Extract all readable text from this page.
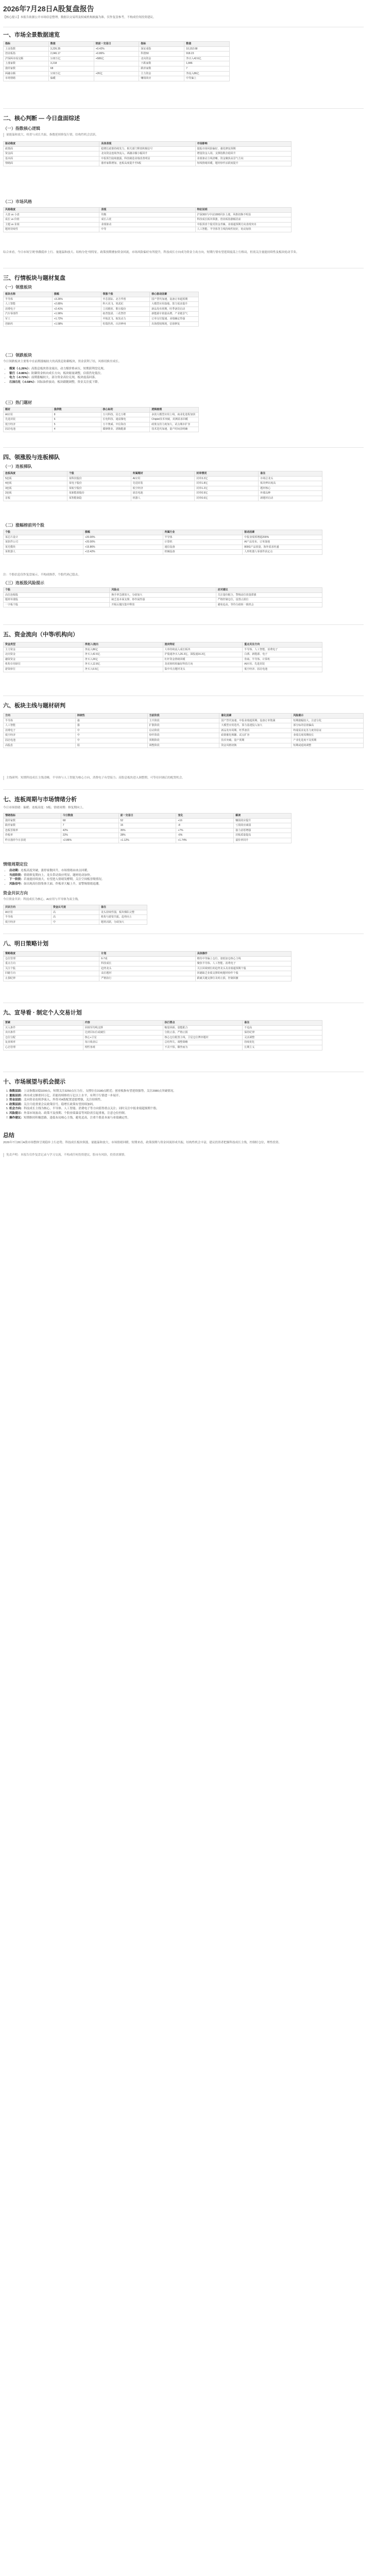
2026年7月28日A股复盘报告

【核心提示】本报告依据公开市场信息整理，数据以交易所及权威机构披露为准，仅作复盘参考，不构成任何投资建议。

一、市场全景数据速览
指标	数值	较前一交易日	指标	数值
上证指数	3,226.35	+0.42%	深证成指	10,152.68
创业板指	2,046.17	+0.86%	科创50	918.23
沪深两市成交额	1.02万亿	+586亿	北向资金	净买入42.6亿
上涨家数	3,218		下跌家数	1,846
涨停家数	68		跌停家数	7
两融余额	1.52万亿	+26亿	主力资金	净流入86亿
市场情绪	偏暖		赚钱效应	中等偏上
二、核心判断 — 今日盘面综述
（一）指数核心逻辑

量能温和放大，权重与成长共振，指数延续修复行情，结构性机会活跃。

驱动维度	具体表现	市场影响
政策面	稳增长政策持续发力，相关部门释放积极信号	提振市场风险偏好，强化修复预期
资金面	北向资金连续净流入，两融余额小幅回升	增量资金入场，支撑指数企稳回升
基本面	中报预告陆续披露，科技制造业绩改善明显	业绩驱动主线清晰，资金聚焦高景气方向
情绪面	涨停家数增加，连板高度提升至5板	短线情绪回暖，题材炒作活跃度提升
（二）市场风格
风格维度	表现	特征说明
大盘 vs 小盘	均衡	沪深300与中证1000同步上涨，风格切换不明显
成长 vs 价值	成长占优	科技成长板块领涨，创业板指涨幅居前
主题 vs 业绩	业绩驱动	中报预喜个股受资金青睐，业绩超预期方向表现突出
题材持续性	中等	人工智能、半导体等主线持续性较好，轮动加快

综合来看，今日市场呈现“指数稳步上行、量能温和放大、结构分化”的特征。政策预期叠加资金回流，市场风险偏好有所提升，科技成长方向成为资金主攻方向，短期行情有望延续震荡上行格局，但需关注量能持续性及板块轮动节奏。

三、行情板块与题材复盘
（一）领涨板块
板块名称	涨幅	领涨个股	核心驱动因素
半导体	+3.26%	中芯国际、北方华创	国产替代加速，设备订单超预期
人工智能	+2.85%	科大讯飞、寒武纪	大模型应用落地，算力需求提升
消费电子	+2.41%	立讯精密、歌尔股份	新品发布预期，旺季备货启动
汽车零部件	+1.96%	拓普集团、三花智控	新能源车销量高增，产业链景气
军工	+1.72%	中航沈飞、航发动力	订单交付提速，业绩确定性强
创新药	+1.58%	恒瑞医药、百济神州	出海授权频现，估值修复
（二）领跌板块

今日领跌板块主要集中在前期涨幅较大的高股息防御板块，资金获利了结，风格切换至成长。

• 煤炭（-1.26%）：高股息板块资金流出，动力煤价格承压，短期获利盘兑现。
• 银行（-0.86%）：防御资金转向成长方向，板块缩量调整，估值仍处低位。
• 电力（-0.72%）：前期涨幅较大，部分资金高位兑现，板块震荡回落。
• 石油石化（-0.58%）：国际油价波动，板块跟随调整，资金关注度下降。
（三）热门题材
题材	涨停数	核心标的	逻辑梳理
AI应用	8	万兴科技、昆仑万维	多款大模型应用上线，商业化进程加快
先进封装	6	长电科技、通富微电	Chiplet技术突破，封测需求回暖
低空经济	5	万丰奥威、中信海直	政策支持力度加大，试点城市扩容
固态电池	4	赣锋锂业、清陶能源	技术迭代加速，量产时间表明确
四、领涨股与连板梯队
（一）连板梯队
连板高度	个股	所属题材	封单情况	备注
5连板	某科技股份	AI应用	封单3.2亿	市场总龙头
4连板	某电子股份	先进封装	封单1.8亿	板块辨识度高
3连板	某航空股份	低空经济	封单1.2亿	题材核心
2连板	某新能源股份	固态电池	封单0.9亿	补涨品种
首板	某智能制造	机器人	封单0.6亿	新题材启动
（二）涨幅榜前列个股
个股	涨幅	所属行业	驱动因素
某芯片设计	+20.00%	半导体	中报业绩预增超200%
某软件公司	+20.00%	计算机	AI产品发布，订单落地
某光模块	+15.86%	通信设备	800G产品放量，海外需求旺盛
某机器人	+13.42%	机械设备	人形机器人零部件获定点

注：个股信息仅作复盘展示，不构成推荐，个股代码已隐去。

（三）连板股风险提示
个股	风险点	应对建议
高位连板股	换手率急剧放大，分歧加大	关注量价配合，警惕高位放量滞涨
题材补涨股	缺乏基本面支撑，炒作属性强	严格控制仓位，设置止损位
一字板个股	开板后抛压集中释放	避免追高，等待分歧转一致机会
五、资金流向（中等/机构向）
资金类型	净流入/流出	流向特征	重点关注方向
主力资金	净流入86亿	大单持续流入成长板块	半导体、人工智能、消费电子
北向资金	净买入42.6亿	沪股通净买入26.3亿，深股通16.3亿	白酒、新能源、电子
融资资金	净买入26亿	杠杆资金情绪回暖	券商、半导体、计算机
机构专用席位	净买入12.8亿	龙虎榜机构偏好科技方向	AI应用、先进封装
游资席位	净买入6.5亿	集中攻击题材龙头	低空经济、固态电池
六、板块主线与题材研判
方向	持续性	当前阶段	催化因素	风险提示
半导体	强	主升阶段	国产替代加速、中报业绩超预期、设备订单饱满	短期涨幅较大，注意分化
人工智能	强	扩散阶段	大模型应用迭代、算力基建投入加大	部分标的估值偏高
消费电子	中	启动阶段	新品发布周期、旺季备货	终端需求复苏力度待验证
低空经济	中	炒作阶段	政策催化频繁、试点扩容	业绩兑现周期较长
固态电池	中	预期阶段	技术突破、量产预期	产业化进度不及预期
高股息	弱	调整阶段	资金风格切换	短期或延续调整

主线研判：短期科技成长主线清晰，半导体与人工智能为核心方向，消费电子有望接力；高股息板块进入调整期，可等待回调后的配置机会。

七、连板周期与市场情绪分析

今日市场情绪：偏暖；连板高度：5板；情绪周期：修复期向上。

情绪指标	今日数值	前一交易日	变化	解读
涨停家数	68	52	+16	赚钱效应提升
跌停家数	7	15	-8	亏钱效应减弱
连板晋级率	42%	35%	+7%	接力意愿增强
炸板率	22%	28%	-6%	封板质量提高
昨日涨停今日表现	+2.86%	+1.12%	+1.74%	溢价率回升
情绪周期定位
• 启动期：连板高度突破，涨停家数回升，市场情绪由冰点回暖。
• 当前阶段：情绪修复期向上，龙头带动效应明显，题材轮动加快。
• 下一阶段：若量能持续放大，有望进入情绪发酵期，关注空间板晋级情况。
• 风险信号：如出现高位股集体大面、炸板率大幅上升，需警惕情绪退潮。
资金共识方向

今日资金共识：科技成长为核心，AI应用与半导体为双主线。

共识方向	资金认可度	备注
AI应用	高	龙头持续性强，板块梯队完整
半导体	高	机构与游资共振，趋势向上
低空经济	中	题材活跃，分歧加大
八、明日策略计划
策略维度	计划	具体操作
仓位管理	6-7成	维持中等偏上仓位，逢低加仓核心主线
重点方向	科技成长	聚焦半导体、人工智能、消费电子
关注个股	趋势龙头	关注回调到位的趋势龙头及业绩超预期个股
回避方向	高位题材	回避缺乏业绩支撑的纯题材炒作个股
止损纪律	严格执行	跌破关键支撑位及时止损，控制回撤
九、宣导看 · 制定个人交易计划
要素	内容	执行要点	备注
买入条件	回调至均线支撑	缩量回踩、量能配合	不追高
卖出条件	达到目标位或破位	分批止盈、严格止损	保持纪律
仓位分配	核心+卫星	核心仓位配置主线，卫星仓位博弈题材	灵活调整
复盘频率	每日收盘后	总结得失、调整策略	持续优化
心态管理	理性客观	不贪不惧，顺势而为	长期主义
十、市场展望与机会提示
1. 指数层面：上证指数站稳3200点，短期关注3250点压力位，支撑位在3180点附近；创业板指有望延续强势，关注2080点突破情况。
2. 量能层面：两市成交额重回万亿，若能持续维持万亿以上水平，有利于行情进一步展开。
3. 资金层面：北向资金连续净流入，外资对A股配置意愿增强，关注持续性。
4. 政策层面：关注月底重要会议政策信号，稳增长政策有望持续加码。
5. 机会方向：科技成长主线为核心，半导体、人工智能、消费电子等方向值得重点关注；同时关注中报业绩超预期个股。
6. 风险提示：外部市场波动、政策不及预期、个股业绩暴雷等风险需引起重视，注意仓位控制。
7. 操作建议：短期维持积极思路，逢低布局核心主线，避免追高，注重个股基本面与业绩确定性。
总结

2026年7月28日A股市场整体呈现稳步上行态势，科技成长板块领涨，量能温和放大，市场情绪回暖。短期来看，政策预期与资金回流形成共振，结构性机会丰富，建议投资者把握科技成长主线，控制好仓位，理性投资。

免责声明：本报告仅作复盘记录与学习交流，不构成任何投资建议。股市有风险，投资需谨慎。
